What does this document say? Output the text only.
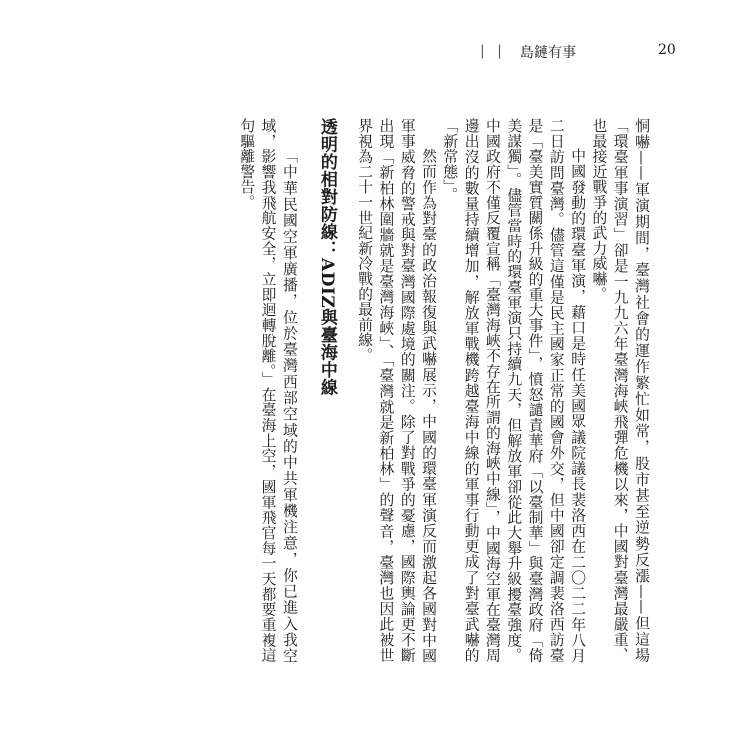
| | 島鏈有事	20

恫嚇——軍演期間，臺灣社會的運作繁忙如常，股市甚至逆勢反漲——但這場「環臺軍事演習」卻是一九九六年臺灣海峽飛彈危機以來，中國對臺灣最嚴重、也最接近戰爭的武力威嚇。

中國發動的環臺軍演，藉口是時任美國眾議院議長裴洛西在二〇二二年八月二日訪問臺灣。儘管這僅是民主國家正常的國會外交，但中國卻定調裴洛西訪臺是「臺美實質關係升級的重大事件」，憤怒譴責華府「以臺制華」與臺灣政府「倚美謀獨」。儘管當時的環臺軍演只持續九天，但解放軍卻從此大舉升級擾臺強度。中國政府不僅反覆宣稱「臺灣海峽不存在所謂的海峽中線」，中國海空軍在臺灣周邊出沒的數量持續增加，解放軍戰機跨越臺海中線的軍事行動更成了對臺武嚇的「新常態」。

然而作為對臺的政治報復與武嚇展示，中國的環臺軍演反而激起各國對中國軍事威脅的警戒與對臺灣國際處境的關注。除了對戰爭的憂慮，國際輿論更不斷出現「新柏林圍牆就是臺灣海峽」、「臺灣就是新柏林」的聲音，臺灣也因此被世界視為二十一世紀新冷戰的最前線。

透明的相對防線：ADIZ與臺海中線

「中華民國空軍廣播，位於臺灣西部空域的中共軍機注意，你已進入我空域，影響我飛航安全，立即迴轉脫離。」在臺海上空，國軍飛官每一天都要重複這句驅離警告。
